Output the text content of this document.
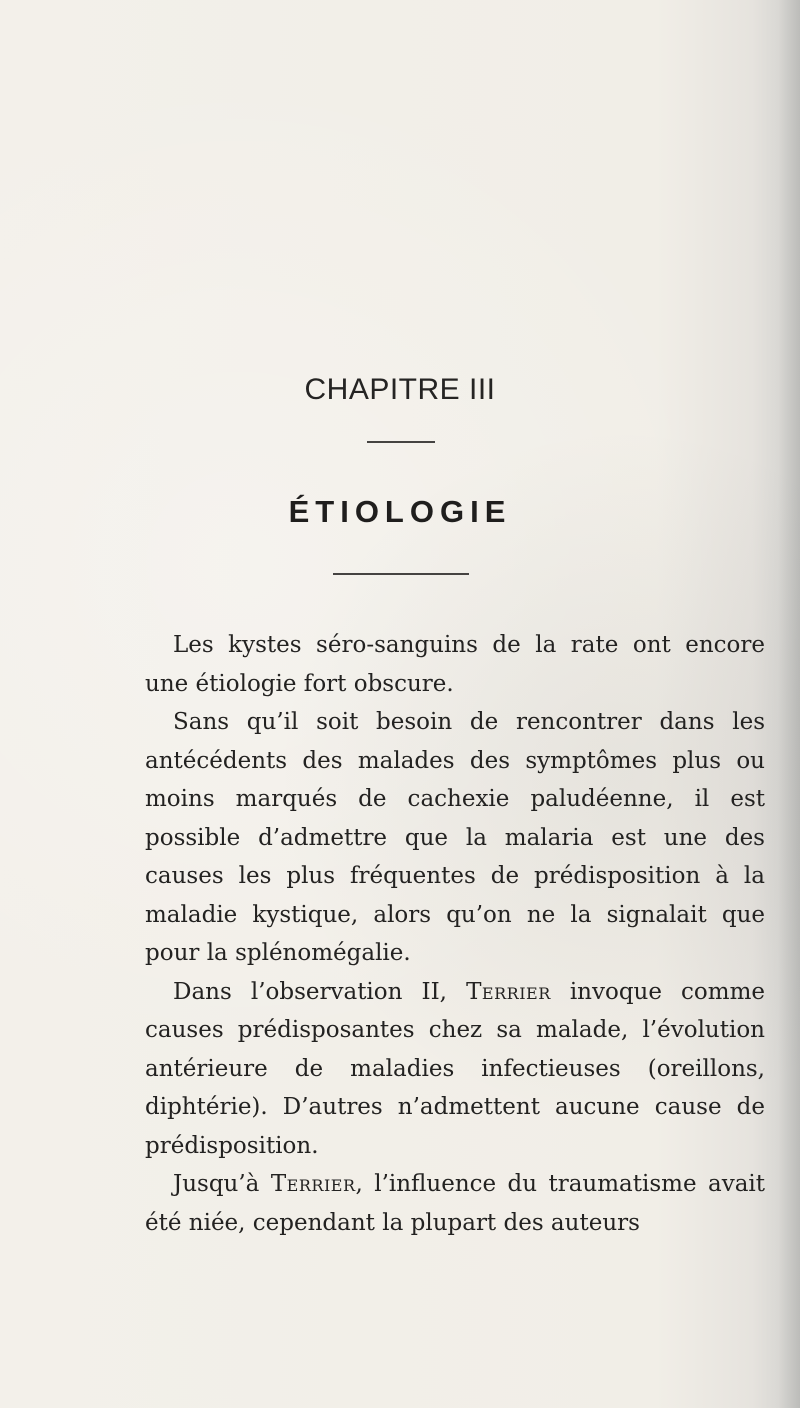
CHAPITRE III
ÉTIOLOGIE

Les kystes séro-sanguins de la rate ont encore une étiologie fort obscure.

Sans qu’il soit besoin de rencontrer dans les antécédents des malades des symptômes plus ou moins marqués de cachexie paludéenne, il est possible d’admettre que la malaria est une des causes les plus fréquentes de prédisposition à la maladie kystique, alors qu’on ne la signalait que pour la splénomégalie.

Dans l’observation II, Terrier invoque comme causes prédisposantes chez sa malade, l’évolution antérieure de maladies infectieuses (oreillons, diphtérie). D’autres n’admettent aucune cause de prédisposition.

Jusqu’à Terrier, l’influence du traumatisme avait été niée, cependant la plupart des auteurs
